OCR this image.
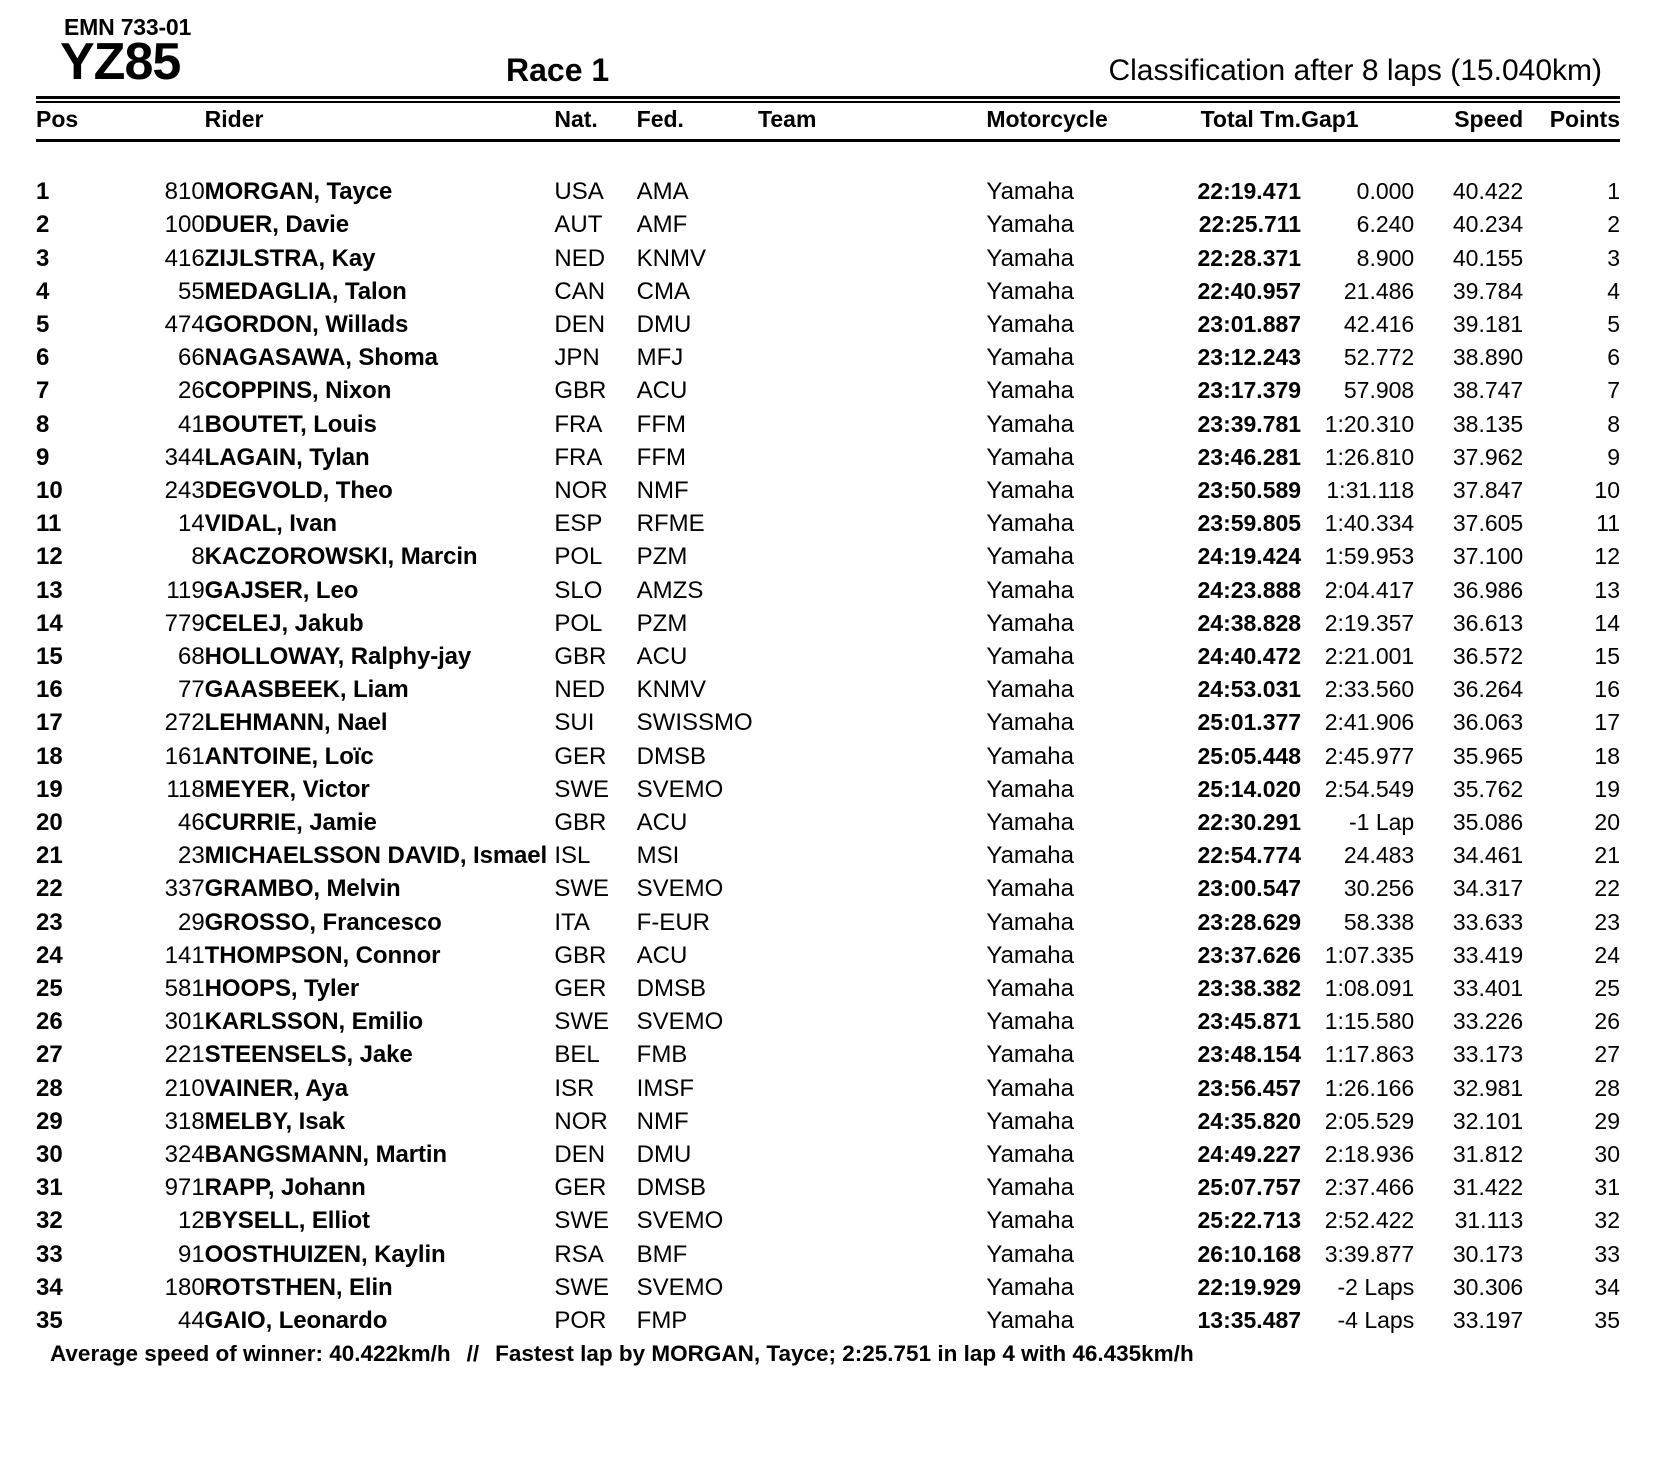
EMN 733-01
YZ85	Race 1	Classification after 8 laps (15.040km)
Pos	Rider	Nat.	Fed.	Team	Motorcycle	Total Tm.	Gap1	Speed	Points

1	810	MORGAN, Tayce	USA	AMA		Yamaha	22:19.471	0.000	40.422	1
2	100	DUER, Davie	AUT	AMF		Yamaha	22:25.711	6.240	40.234	2
3	416	ZIJLSTRA, Kay	NED	KNMV		Yamaha	22:28.371	8.900	40.155	3
4	55	MEDAGLIA, Talon	CAN	CMA		Yamaha	22:40.957	21.486	39.784	4
5	474	GORDON, Willads	DEN	DMU		Yamaha	23:01.887	42.416	39.181	5
6	66	NAGASAWA, Shoma	JPN	MFJ		Yamaha	23:12.243	52.772	38.890	6
7	26	COPPINS, Nixon	GBR	ACU		Yamaha	23:17.379	57.908	38.747	7
8	41	BOUTET, Louis	FRA	FFM		Yamaha	23:39.781	1:20.310	38.135	8
9	344	LAGAIN, Tylan	FRA	FFM		Yamaha	23:46.281	1:26.810	37.962	9
10	243	DEGVOLD, Theo	NOR	NMF		Yamaha	23:50.589	1:31.118	37.847	10
11	14	VIDAL, Ivan	ESP	RFME		Yamaha	23:59.805	1:40.334	37.605	11
12	8	KACZOROWSKI, Marcin	POL	PZM		Yamaha	24:19.424	1:59.953	37.100	12
13	119	GAJSER, Leo	SLO	AMZS		Yamaha	24:23.888	2:04.417	36.986	13
14	779	CELEJ, Jakub	POL	PZM		Yamaha	24:38.828	2:19.357	36.613	14
15	68	HOLLOWAY, Ralphy-jay	GBR	ACU		Yamaha	24:40.472	2:21.001	36.572	15
16	77	GAASBEEK, Liam	NED	KNMV		Yamaha	24:53.031	2:33.560	36.264	16
17	272	LEHMANN, Nael	SUI	SWISSMO		Yamaha	25:01.377	2:41.906	36.063	17
18	161	ANTOINE, Loïc	GER	DMSB		Yamaha	25:05.448	2:45.977	35.965	18
19	118	MEYER, Victor	SWE	SVEMO		Yamaha	25:14.020	2:54.549	35.762	19
20	46	CURRIE, Jamie	GBR	ACU		Yamaha	22:30.291	-1 Lap	35.086	20
21	23	MICHAELSSON DAVID, Ismael	ISL	MSI		Yamaha	22:54.774	24.483	34.461	21
22	337	GRAMBO, Melvin	SWE	SVEMO		Yamaha	23:00.547	30.256	34.317	22
23	29	GROSSO, Francesco	ITA	F-EUR		Yamaha	23:28.629	58.338	33.633	23
24	141	THOMPSON, Connor	GBR	ACU		Yamaha	23:37.626	1:07.335	33.419	24
25	581	HOOPS, Tyler	GER	DMSB		Yamaha	23:38.382	1:08.091	33.401	25
26	301	KARLSSON, Emilio	SWE	SVEMO		Yamaha	23:45.871	1:15.580	33.226	26
27	221	STEENSELS, Jake	BEL	FMB		Yamaha	23:48.154	1:17.863	33.173	27
28	210	VAINER, Aya	ISR	IMSF		Yamaha	23:56.457	1:26.166	32.981	28
29	318	MELBY, Isak	NOR	NMF		Yamaha	24:35.820	2:05.529	32.101	29
30	324	BANGSMANN, Martin	DEN	DMU		Yamaha	24:49.227	2:18.936	31.812	30
31	971	RAPP, Johann	GER	DMSB		Yamaha	25:07.757	2:37.466	31.422	31
32	12	BYSELL, Elliot	SWE	SVEMO		Yamaha	25:22.713	2:52.422	31.113	32
33	91	OOSTHUIZEN, Kaylin	RSA	BMF		Yamaha	26:10.168	3:39.877	30.173	33
34	180	ROTSTHEN, Elin	SWE	SVEMO		Yamaha	22:19.929	-2 Laps	30.306	34
35	44	GAIO, Leonardo	POR	FMP		Yamaha	13:35.487	-4 Laps	33.197	35
Average speed of winner: 40.422km/h // Fastest lap by MORGAN, Tayce; 2:25.751 in lap 4 with 46.435km/h
